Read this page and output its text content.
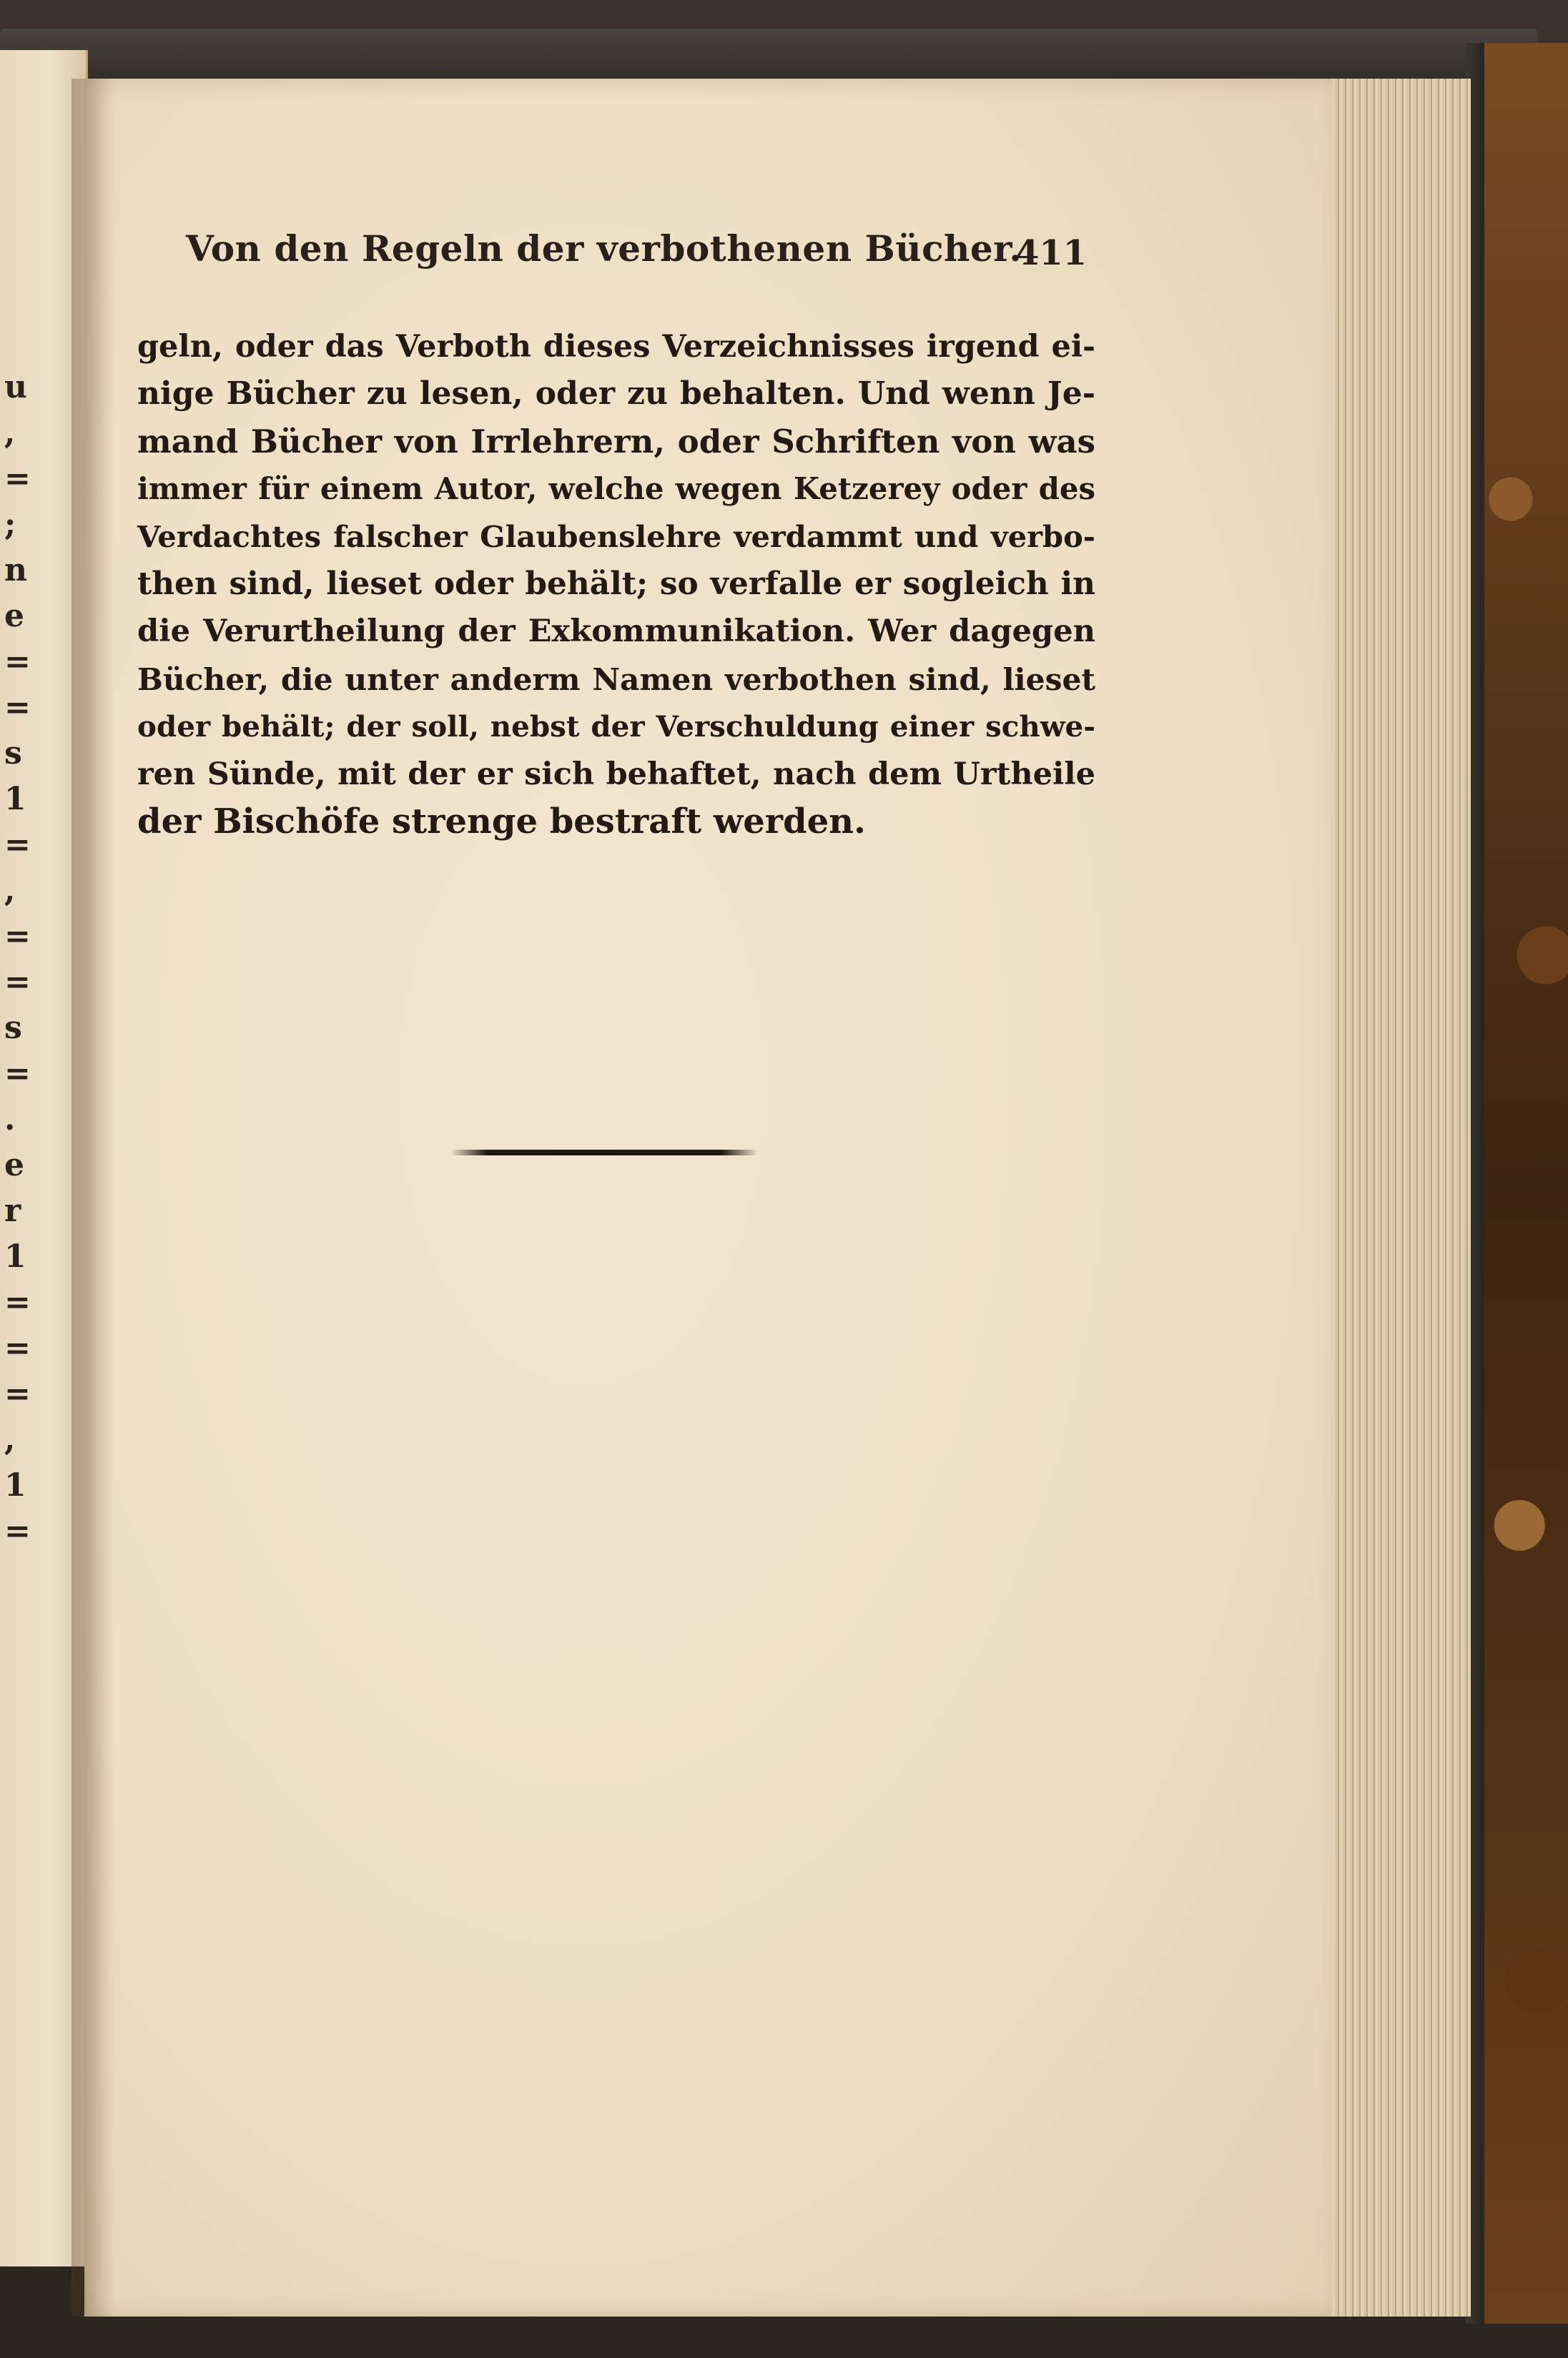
u
,
=
;
n
e
=
=
s
1
=
,
=
=
s
=
.
e
r
1
=
=
=
,
1
=
Von den Regeln der verbothenen Bücher.
411
geln, oder das Verboth dieses Verzeichnisses irgend ei-
nige Bücher zu lesen, oder zu behalten. Und wenn Je-
mand Bücher von Irrlehrern, oder Schriften von was
immer für einem Autor, welche wegen Ketzerey oder des
Verdachtes falscher Glaubenslehre verdammt und verbo-
then sind, lieset oder behält; so verfalle er sogleich in
die Verurtheilung der Exkommunikation. Wer dagegen
Bücher, die unter anderm Namen verbothen sind, lieset
oder behält; der soll, nebst der Verschuldung einer schwe-
ren Sünde, mit der er sich behaftet, nach dem Urtheile
der Bischöfe strenge bestraft werden.
